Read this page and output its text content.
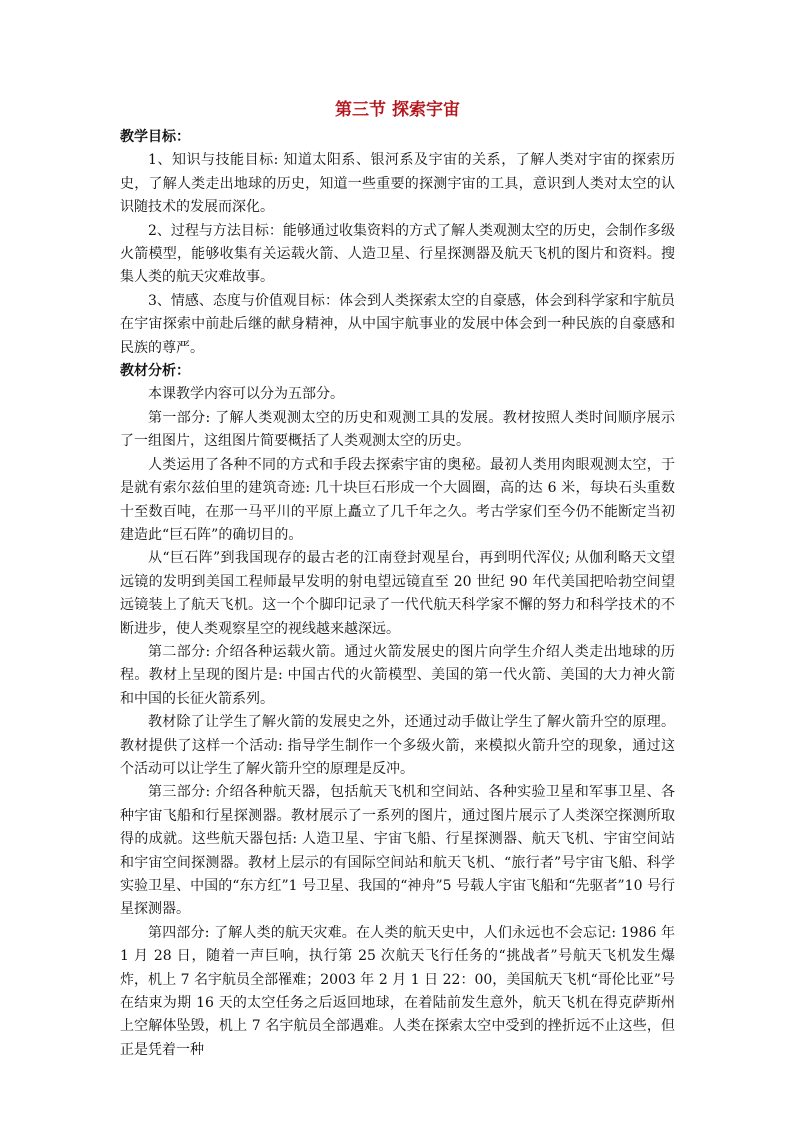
第三节 探索宇宙
教学目标：

1、知识与技能目标: 知道太阳系、银河系及宇宙的关系，了解人类对宇宙的探索历史，了解人类走出地球的历史，知道一些重要的探测宇宙的工具，意识到人类对太空的认识随技术的发展而深化。

2、过程与方法目标：能够通过收集资料的方式了解人类观测太空的历史，会制作多级火箭模型，能够收集有关运载火箭、人造卫星、行星探测器及航天飞机的图片和资料。搜集人类的航天灾难故事。

3、情感、态度与价值观目标：体会到人类探索太空的自豪感，体会到科学家和宇航员在宇宙探索中前赴后继的献身精神，从中国宇航事业的发展中体会到一种民族的自豪感和民族的尊严。

教材分析：

本课教学内容可以分为五部分。

第一部分: 了解人类观测太空的历史和观测工具的发展。教材按照人类时间顺序展示了一组图片，这组图片简要概括了人类观测太空的历史。

人类运用了各种不同的方式和手段去探索宇宙的奥秘。最初人类用肉眼观测太空，于是就有索尔兹伯里的建筑奇迹: 几十块巨石形成一个大圆圈，高的达 6 米，每块石头重数十至数百吨，在那一马平川的平原上矗立了几千年之久。考古学家们至今仍不能断定当初建造此“巨石阵”的确切目的。

从“巨石阵”到我国现存的最古老的江南登封观星台，再到明代浑仪; 从伽利略天文望远镜的发明到美国工程师最早发明的射电望远镜直至 20 世纪 90 年代美国把哈勃空间望远镜装上了航天飞机。这一个个脚印记录了一代代航天科学家不懈的努力和科学技术的不断进步，使人类观察星空的视线越来越深远。

第二部分: 介绍各种运载火箭。通过火箭发展史的图片向学生介绍人类走出地球的历程。教材上呈现的图片是: 中国古代的火箭模型、美国的第一代火箭、美国的大力神火箭和中国的长征火箭系列。

教材除了让学生了解火箭的发展史之外，还通过动手做让学生了解火箭升空的原理。教材提供了这样一个活动: 指导学生制作一个多级火箭，来模拟火箭升空的现象，通过这个活动可以让学生了解火箭升空的原理是反冲。

第三部分: 介绍各种航天器，包括航天飞机和空间站、各种实验卫星和军事卫星、各种宇宙飞船和行星探测器。教材展示了一系列的图片，通过图片展示了人类深空探测所取得的成就。这些航天器包括: 人造卫星、宇宙飞船、行星探测器、航天飞机、宇宙空间站和宇宙空间探测器。教材上层示的有国际空间站和航天飞机、“旅行者”号宇宙飞船、科学实验卫星、中国的“东方红”1 号卫星、我国的“神舟”5 号载人宇宙飞船和“先驱者”10 号行星探测器。

第四部分: 了解人类的航天灾难。在人类的航天史中，人们永远也不会忘记: 1986 年 1 月 28 日，随着一声巨响，执行第 25 次航天飞行任务的“挑战者”号航天飞机发生爆炸，机上 7 名宇航员全部罹难；2003 年 2 月 1 日 22：00，美国航天飞机“哥伦比亚”号在结束为期 16 天的太空任务之后返回地球，在着陆前发生意外，航天飞机在得克萨斯州上空解体坠毁，机上 7 名宇航员全部遇难。人类在探索太空中受到的挫折远不止这些，但正是凭着一种
